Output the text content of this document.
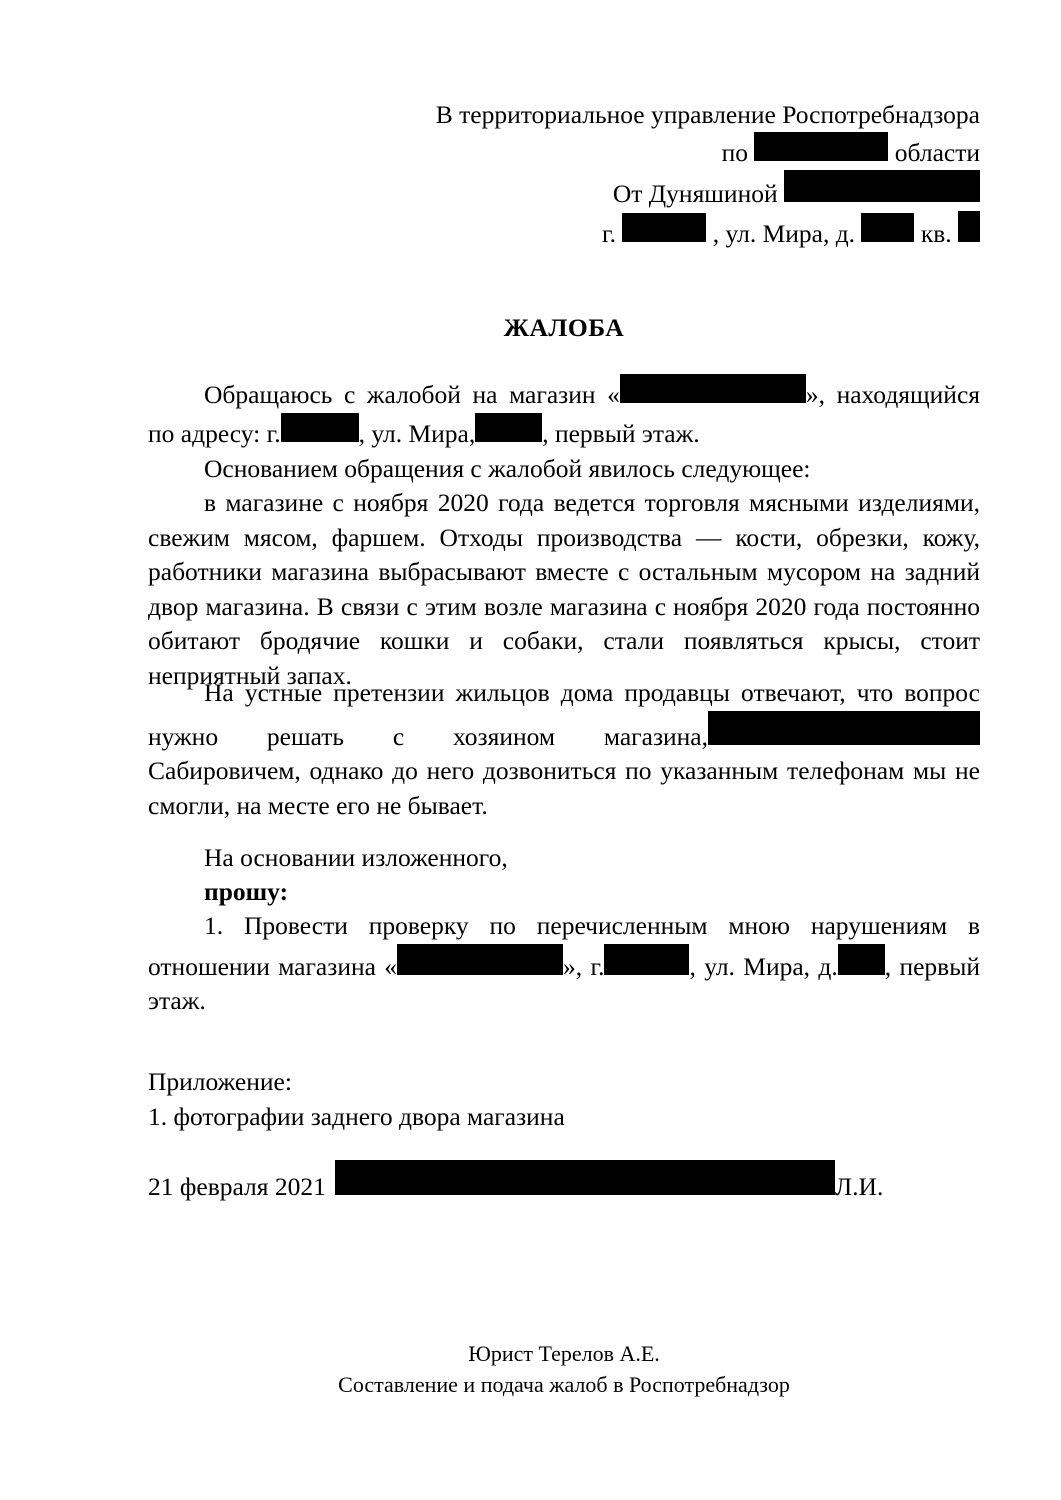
В территориальное управление Роспотребнадзора
по	области
От Дуняшиной
г.	, ул. Мира, д.	кв.
ЖАЛОБА

Обращаюсь с жалобой на магазин «	», находящийся по адресу: г.	, ул. Мира,	, первый этаж.

Основанием обращения с жалобой явилось следующее:

в магазине с ноября 2020 года ведется торговля мясными изделиями, свежим мясом, фаршем. Отходы производства — кости, обрезки, кожу, работники магазина выбрасывают вместе с остальным мусором на задний двор магазина. В связи с этим возле магазина с ноября 2020 года постоянно обитают бродячие кошки и собаки, стали появляться крысы, стоит неприятный запах.

На устные претензии жильцов дома продавцы отвечают, что вопрос нужно решать с хозяином магазина,

Сабировичем, однако до него дозвониться по указанным телефонам мы не смогли, на месте его не бывает.

На основании изложенного,

прошу:

1. Провести проверку по перечисленным мною нарушениям в отношении магазина «	», г.	, ул. Мира, д. , первый этаж.

Приложение:

1. фотографии заднего двора магазина

21 февраля 2021	Л.И.

Юрист Терелов А.Е.
Составление и подача жалоб в Роспотребнадзор
